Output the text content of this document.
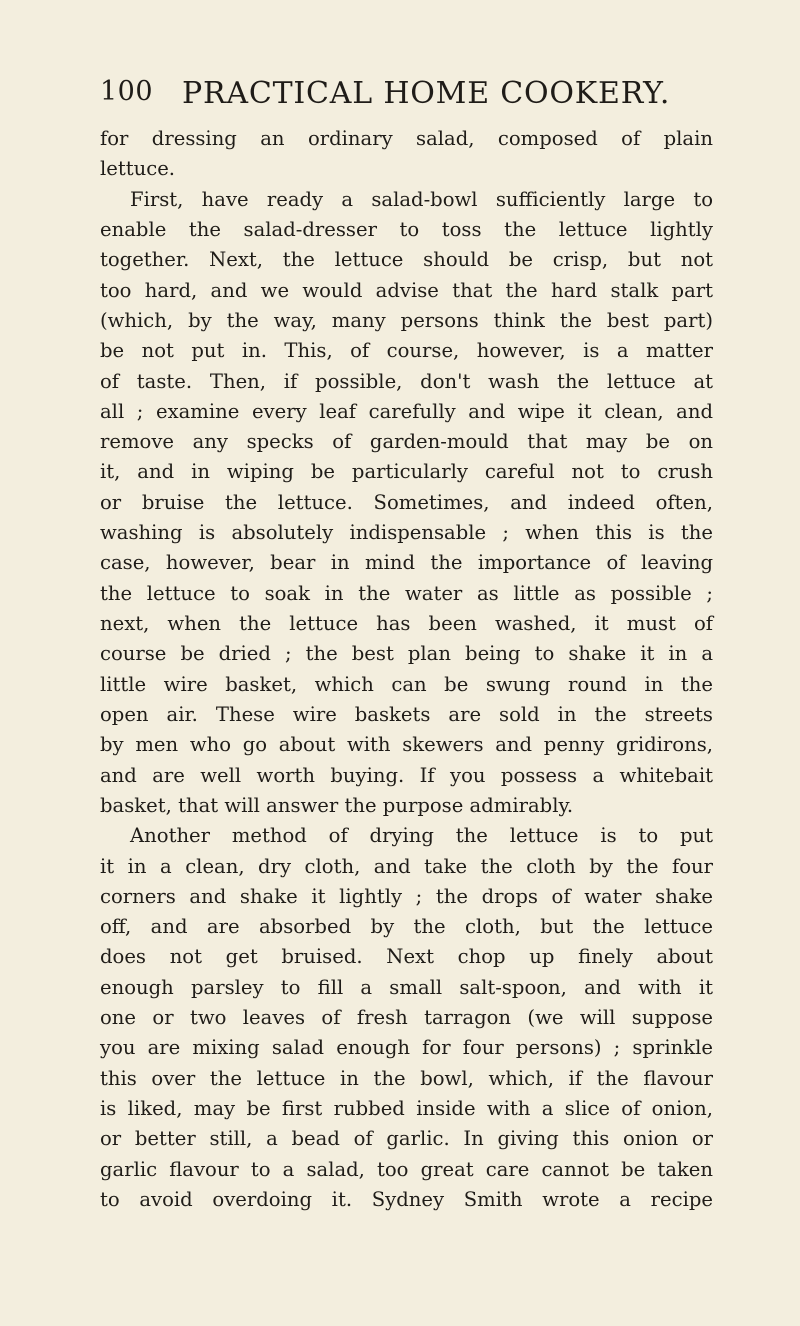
100 PRACTICAL HOME COOKERY.
for dressing an ordinary salad, composed of plain
lettuce.
First, have ready a salad-bowl sufficiently large to
enable the salad-dresser to toss the lettuce lightly
together. Next, the lettuce should be crisp, but not
too hard, and we would advise that the hard stalk part
(which, by the way, many persons think the best part)
be not put in. This, of course, however, is a matter
of taste. Then, if possible, don't wash the lettuce at
all ; examine every leaf carefully and wipe it clean, and
remove any specks of garden-mould that may be on
it, and in wiping be particularly careful not to crush
or bruise the lettuce. Sometimes, and indeed often,
washing is absolutely indispensable ; when this is the
case, however, bear in mind the importance of leaving
the lettuce to soak in the water as little as possible ;
next, when the lettuce has been washed, it must of
course be dried ; the best plan being to shake it in a
little wire basket, which can be swung round in the
open air. These wire baskets are sold in the streets
by men who go about with skewers and penny gridirons,
and are well worth buying. If you possess a whitebait
basket, that will answer the purpose admirably.
Another method of drying the lettuce is to put
it in a clean, dry cloth, and take the cloth by the four
corners and shake it lightly ; the drops of water shake
off, and are absorbed by the cloth, but the lettuce
does not get bruised. Next chop up finely about
enough parsley to fill a small salt-spoon, and with it
one or two leaves of fresh tarragon (we will suppose
you are mixing salad enough for four persons) ; sprinkle
this over the lettuce in the bowl, which, if the flavour
is liked, may be first rubbed inside with a slice of onion,
or better still, a bead of garlic. In giving this onion or
garlic flavour to a salad, too great care cannot be taken
to avoid overdoing it. Sydney Smith wrote a recipe
